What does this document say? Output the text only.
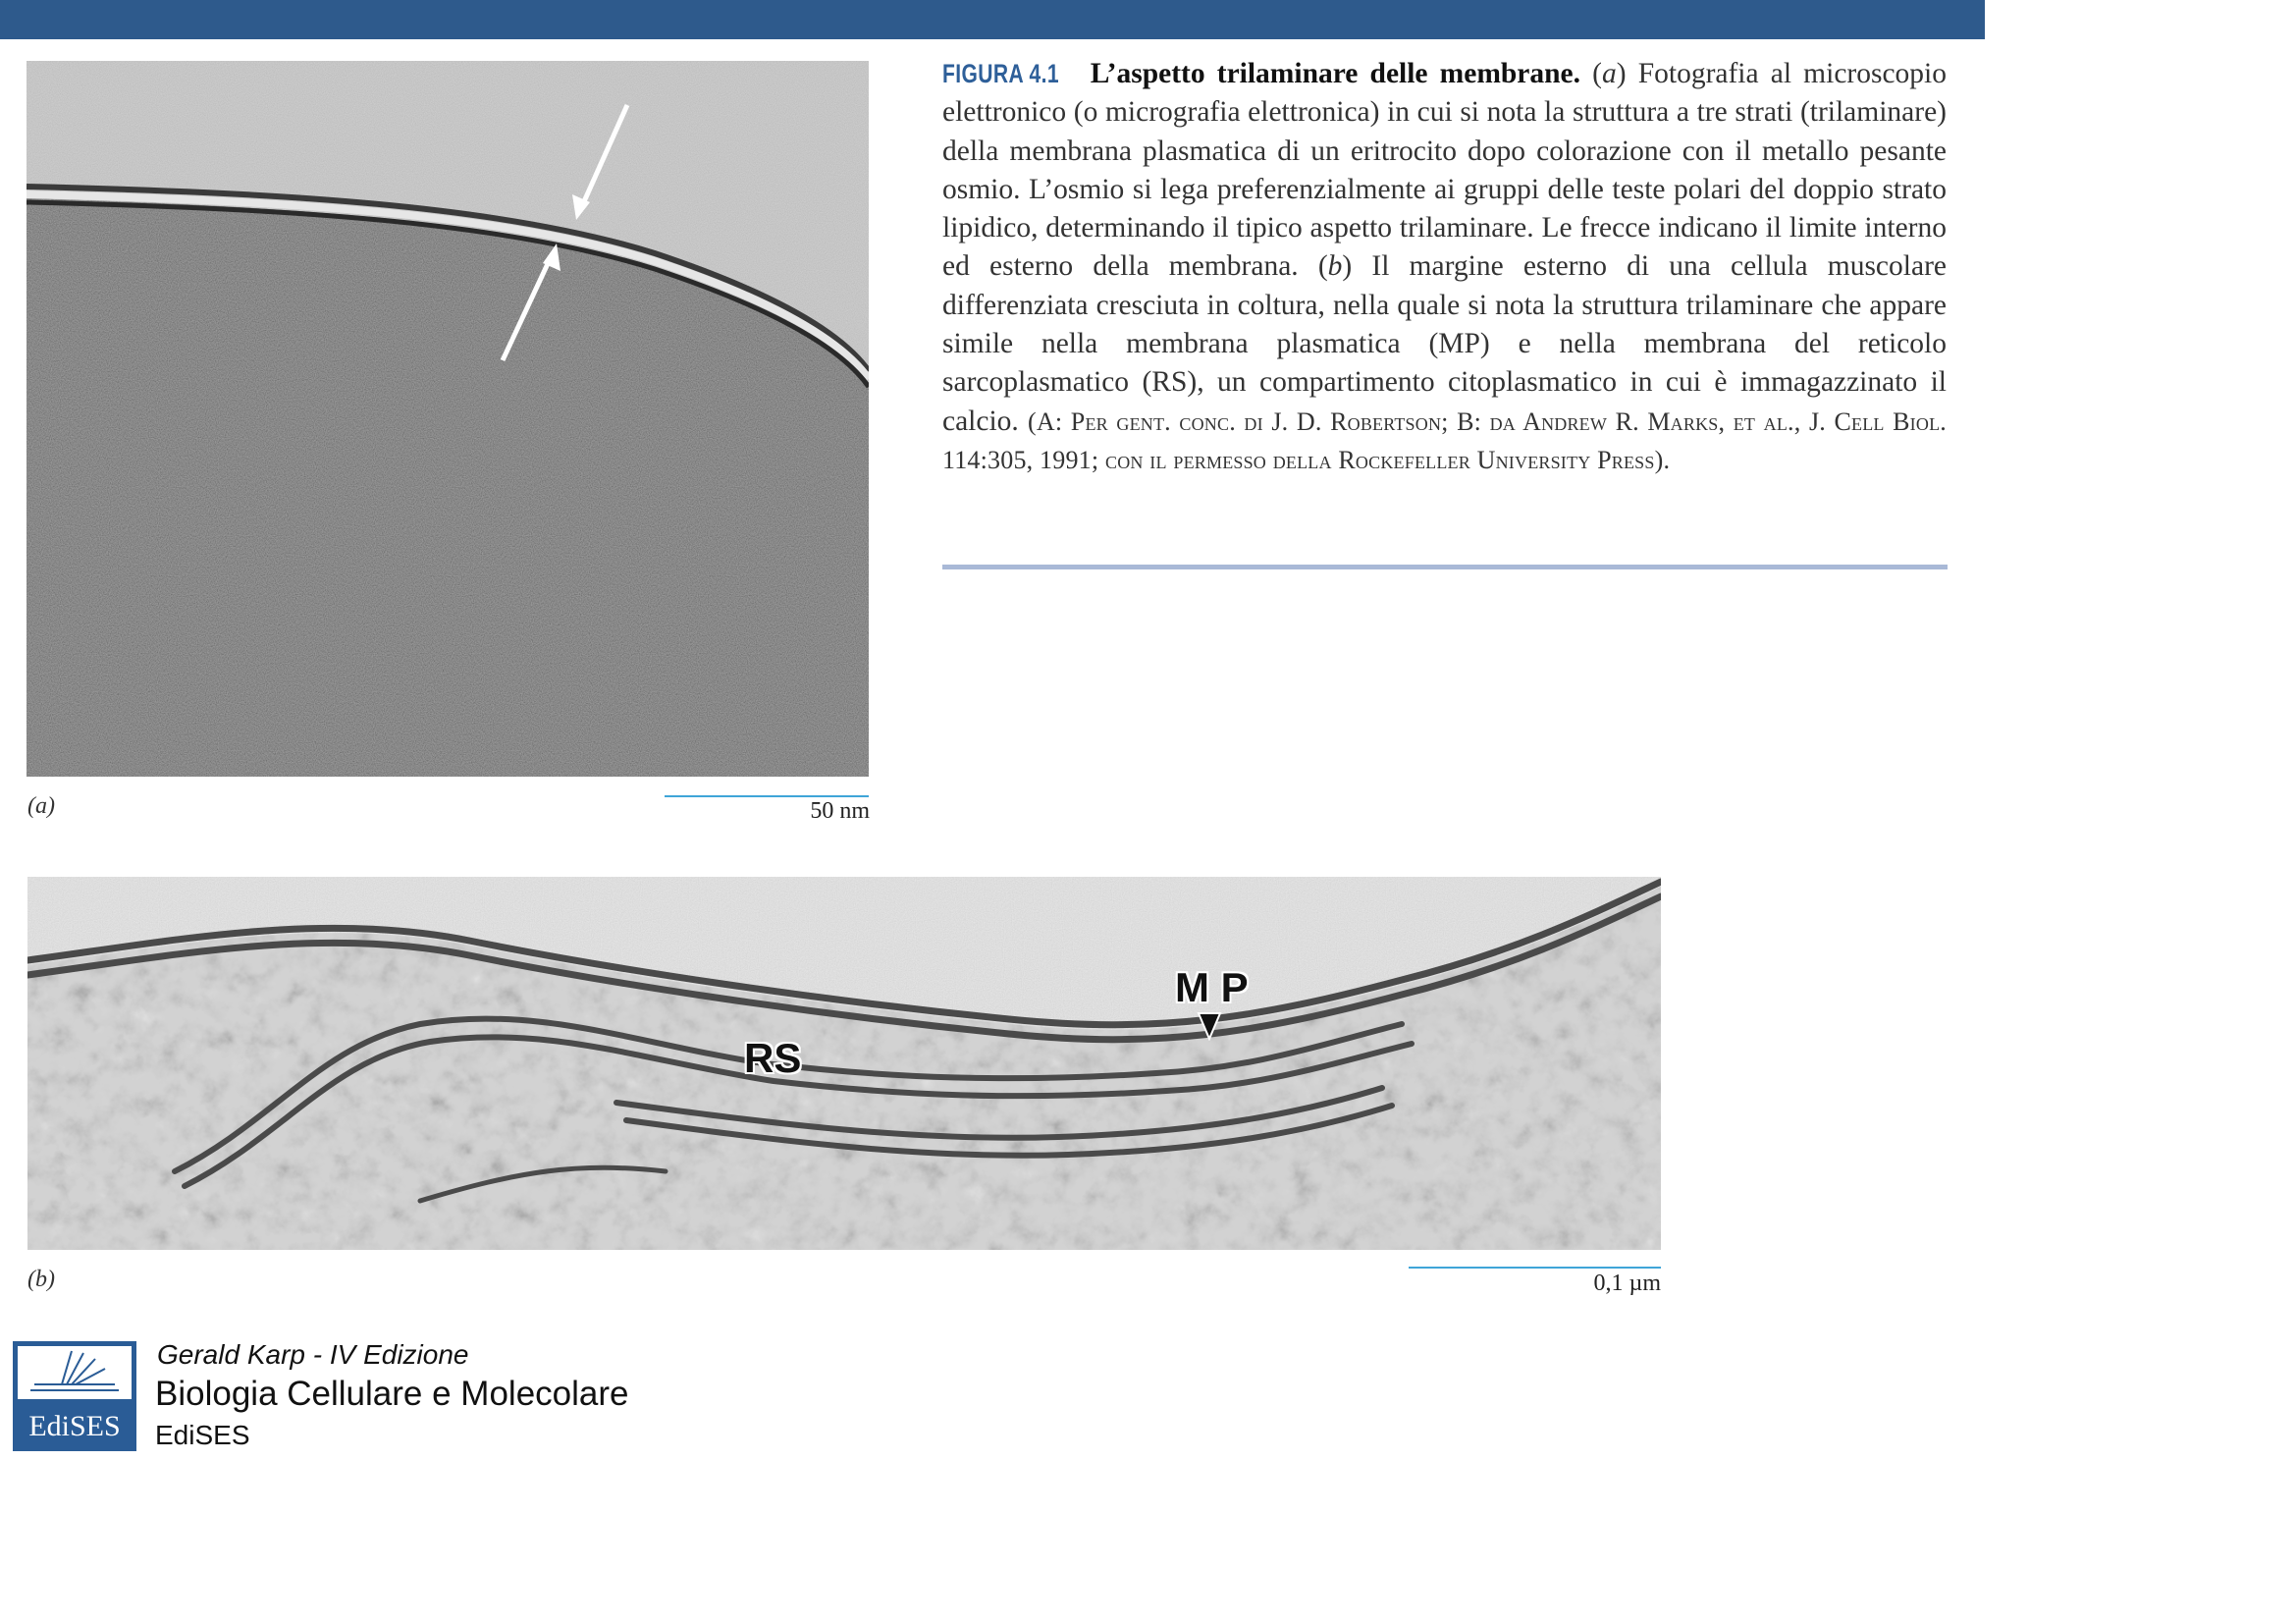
(a)	50 nm
FIGURA 4.1 L’aspetto trilaminare delle membrane. (a) Fotografia al microscopio elettronico (o micrografia elettronica) in cui si nota la struttura a tre strati (trilaminare) della membrana plasmatica di un eritrocito dopo colorazione con il metallo pesante osmio. L’osmio si lega preferenzialmente ai gruppi delle teste polari del doppio strato lipidico, determinando il tipico aspetto trilaminare. Le frecce indicano il limite interno ed esterno della membrana. (b) Il margine esterno di una cellula muscolare differenziata cresciuta in coltura, nella quale si nota la struttura trilaminare che appare simile nella membrana plasmatica (MP) e nella membrana del reticolo sarcoplasmatico (RS), un compartimento citoplasmatico in cui è immagazzinato il calcio. (A: Per gent. conc. di J. D. Robertson; B: da Andrew R. Marks, et al., J. Cell Biol. 114:305, 1991; con il permesso della Rockefeller University Press).
RS
M P
(b)	0,1 µm
EdiSES
Gerald Karp - IV Edizione
Biologia Cellulare e Molecolare
EdiSES
